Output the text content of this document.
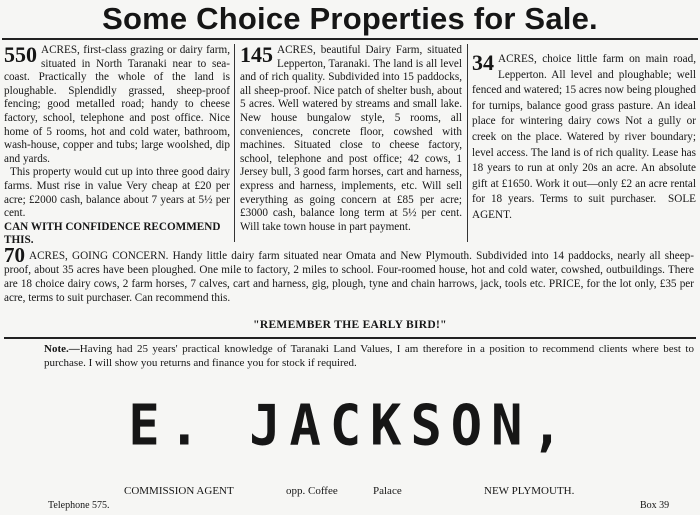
Some Choice Properties for Sale.

550 ACRES, first-class grazing or dairy farm, situated in North Taranaki near to sea-coast. Practically the whole of the land is ploughable. Splendidly grassed, sheep-proof fencing; good metalled road; handy to cheese factory, school, telephone and post office. Nice home of 5 rooms, hot and cold water, bathroom, wash-house, copper and tubs; large woolshed, dip and yards.

This property would cut up into three good dairy farms. Must rise in value Very cheap at £20 per acre; £2000 cash, balance about 7 years at 5½ per cent.

CAN WITH CONFIDENCE RECOMMEND THIS.

145 ACRES, beautiful Dairy Farm, situated Lepperton, Taranaki. The land is all level and of rich quality. Subdivided into 15 paddocks, all sheep-proof. Nice patch of shelter bush, about 5 acres. Well watered by streams and small lake. New house bungalow style, 5 rooms, all conveniences, concrete floor, cowshed with machines. Situated close to cheese factory, school, telephone and post office; 42 cows, 1 Jersey bull, 3 good farm horses, cart and harness, express and harness, implements, etc. Will sell everything as going concern at £85 per acre; £3000 cash, balance long term at 5½ per cent. Will take town house in part payment.

34 ACRES, choice little farm on main road, Lepperton. All level and ploughable; well fenced and watered; 15 acres now being ploughed for turnips, balance good grass pasture. An ideal place for wintering dairy cows Not a gully or creek on the place. Watered by river boundary; level access. The land is of rich quality. Lease has 18 years to run at only 20s an acre. An absolute gift at £1650. Work it out—only £2 an acre rental for 18 years. Terms to suit purchaser. SOLE AGENT.

70 ACRES, GOING CONCERN. Handy little dairy farm situated near Omata and New Plymouth. Subdivided into 14 paddocks, nearly all sheep-proof, about 35 acres have been ploughed. One mile to factory, 2 miles to school. Four-roomed house, hot and cold water, cowshed, outbuildings. There are 18 choice dairy cows, 2 farm horses, 7 calves, cart and harness, gig, plough, tyne and chain harrows, jack, tools etc. PRICE, for the lot only, £35 per acre, terms to suit purchaser. Can recommend this.
"REMEMBER THE EARLY BIRD!"
Note.—Having had 25 years' practical knowledge of Taranaki Land Values, I am therefore in a position to recommend clients where best to purchase. I will show you returns and finance you for stock if required.
E. JACKSON,
COMMISSION AGENT	opp. Coffee	Palace	NEW PLYMOUTH.
Telephone 575.	Box 39
